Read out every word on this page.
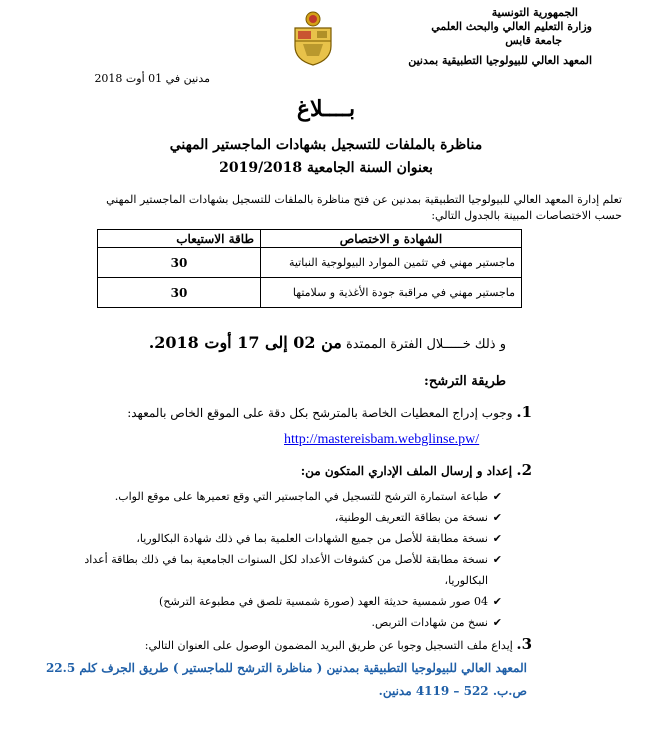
الجمهورية التونسية
وزارة التعليم العالي والبحث العلمي
جامعة قابس
المعهد العالي للبيولوجيا التطبيقية بمدنين
مدنين في 01 أوت 2018
بــــلاغ
مناظرة بالملفات للتسجيل بشهادات الماجستير المهني
بعنوان السنة الجامعية 2019/2018
تعلم إدارة المعهد العالي للبيولوجيا التطبيقية بمدنين عن فتح مناظرة بالملفات للتسجيل بشهادات الماجستير المهني
حسب الاختصاصات المبينة بالجدول التالي:
الشهادة و الاختصاص	طاقة الاستيعاب
ماجستير مهني في تثمين الموارد البيولوجية النباتية	30
ماجستير مهني في مراقبة جودة الأغذية و سلامتها	30
و ذلك خـــــلال الفترة الممتدة من 02 إلى 17 أوت 2018.
طريقة الترشح:
1. وجوب إدراج المعطيات الخاصة بالمترشح بكل دقة على الموقع الخاص بالمعهد:
http://mastereisbam.webglinse.pw/
2. إعداد و إرسال الملف الإداري المتكون من:
✔طباعة استمارة الترشح للتسجيل في الماجستير التي وقع تعميرها على موقع الواب.
✔نسخة من بطاقة التعريف الوطنية،
✔نسخة مطابقة للأصل من جميع الشهادات العلمية بما في ذلك شهادة البكالوريا،
✔نسخة مطابقة للأصل من كشوفات الأعداد لكل السنوات الجامعية بما في ذلك بطاقة أعداد
البكالوريا،
✔04 صور شمسية حديثة العهد (صورة شمسية تلصق في مطبوعة الترشح)
✔نسخ من شهادات التربص.
3. إيداع ملف التسجيل وجوبا عن طريق البريد المضمون الوصول على العنوان التالي:
المعهد العالي للبيولوجيا التطبيقية بمدنين ( مناظرة الترشح للماجستير ) طريق الجرف كلم 22.5
ص.ب. 522 – 4119 مدنين.
